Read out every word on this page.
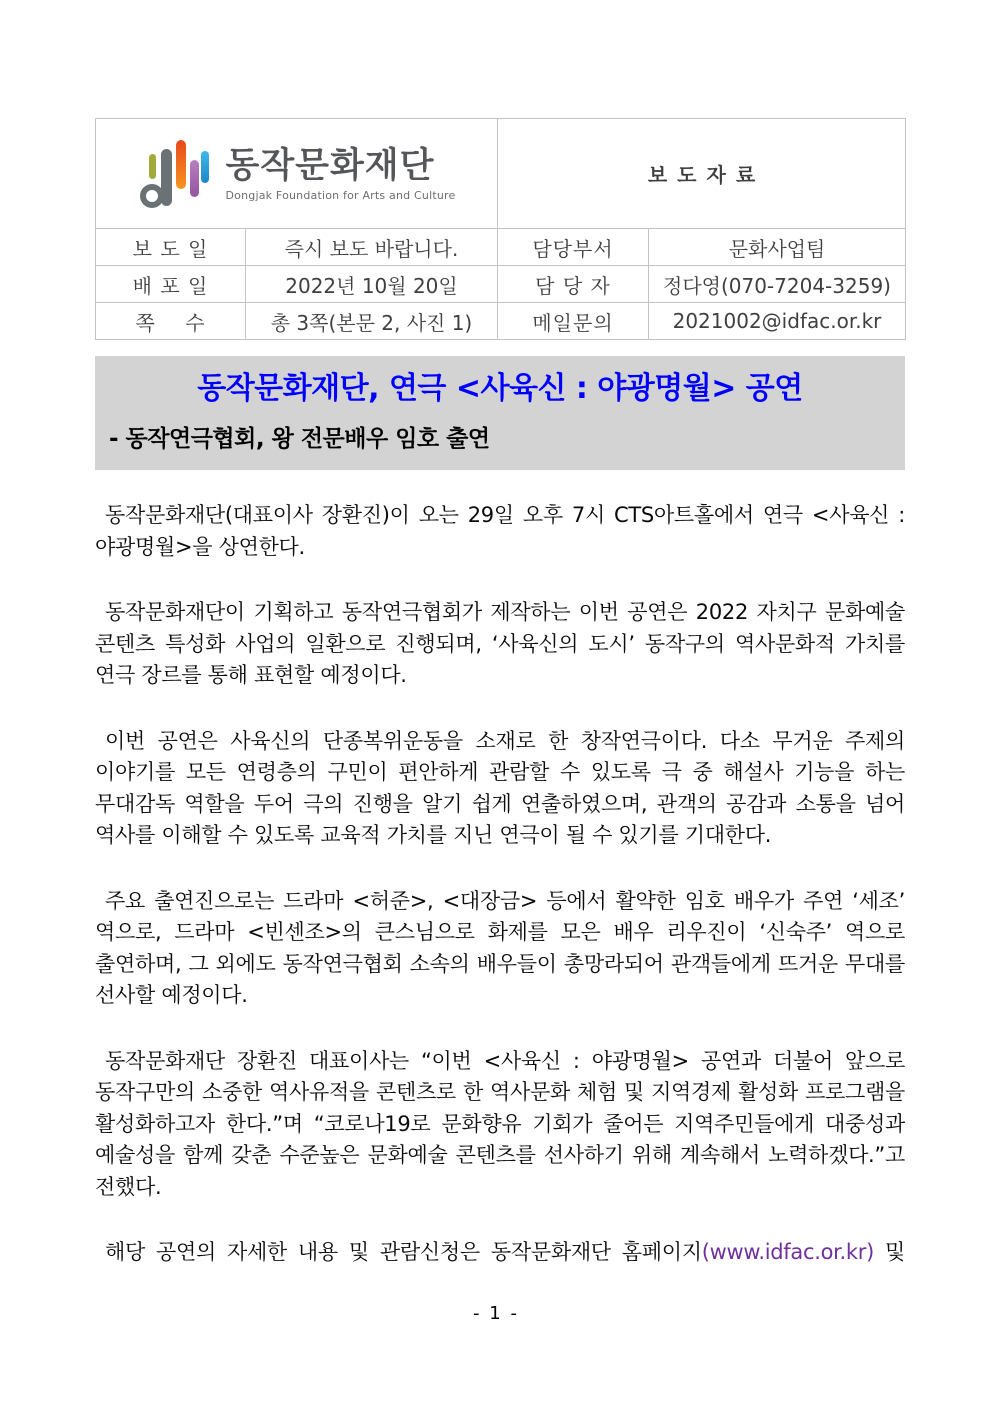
동작문화재단
Dongjak Foundation for Arts and Culture		보도자료	
보 도 일	즉시 보도 바랍니다.	담당부서	문화사업팀
배 포 일	2022년 10월 20일	담 당 자	정다영(070-7204-3259)
쪽    수	총 3쪽(본문 2, 사진 1)	메일문의	2021002@idfac.or.kr
동작문화재단, 연극 <사육신 : 야광명월> 공연
- 동작연극협회, 왕 전문배우 임호 출연

동작문화재단(대표이사 장환진)이 오는 29일 오후 7시 CTS아트홀에서 연극 <사육신 : 야광명월>을 상연한다.

동작문화재단이 기획하고 동작연극협회가 제작하는 이번 공연은 2022 자치구 문화예술 콘텐츠 특성화 사업의 일환으로 진행되며, ‘사육신의 도시’ 동작구의 역사문화적 가치를 연극 장르를 통해 표현할 예정이다.

이번 공연은 사육신의 단종복위운동을 소재로 한 창작연극이다. 다소 무거운 주제의 이야기를 모든 연령층의 구민이 편안하게 관람할 수 있도록 극 중 해설사 기능을 하는 무대감독 역할을 두어 극의 진행을 알기 쉽게 연출하였으며, 관객의 공감과 소통을 넘어 역사를 이해할 수 있도록 교육적 가치를 지닌 연극이 될 수 있기를 기대한다.

주요 출연진으로는 드라마 <허준>, <대장금> 등에서 활약한 임호 배우가 주연 ‘세조’ 역으로, 드라마 <빈센조>의 큰스님으로 화제를 모은 배우 리우진이 ‘신숙주’ 역으로 출연하며, 그 외에도 동작연극협회 소속의 배우들이 총망라되어 관객들에게 뜨거운 무대를 선사할 예정이다.

동작문화재단 장환진 대표이사는 “이번 <사육신 : 야광명월> 공연과 더불어 앞으로 동작구만의 소중한 역사유적을 콘텐츠로 한 역사문화 체험 및 지역경제 활성화 프로그램을 활성화하고자 한다.”며 “코로나19로 문화향유 기회가 줄어든 지역주민들에게 대중성과 예술성을 함께 갖춘 수준높은 문화예술 콘텐츠를 선사하기 위해 계속해서 노력하겠다.”고 전했다.

해당 공연의 자세한 내용 및 관람신청은 동작문화재단 홈페이지(www.idfac.or.kr) 및

- 1 -
